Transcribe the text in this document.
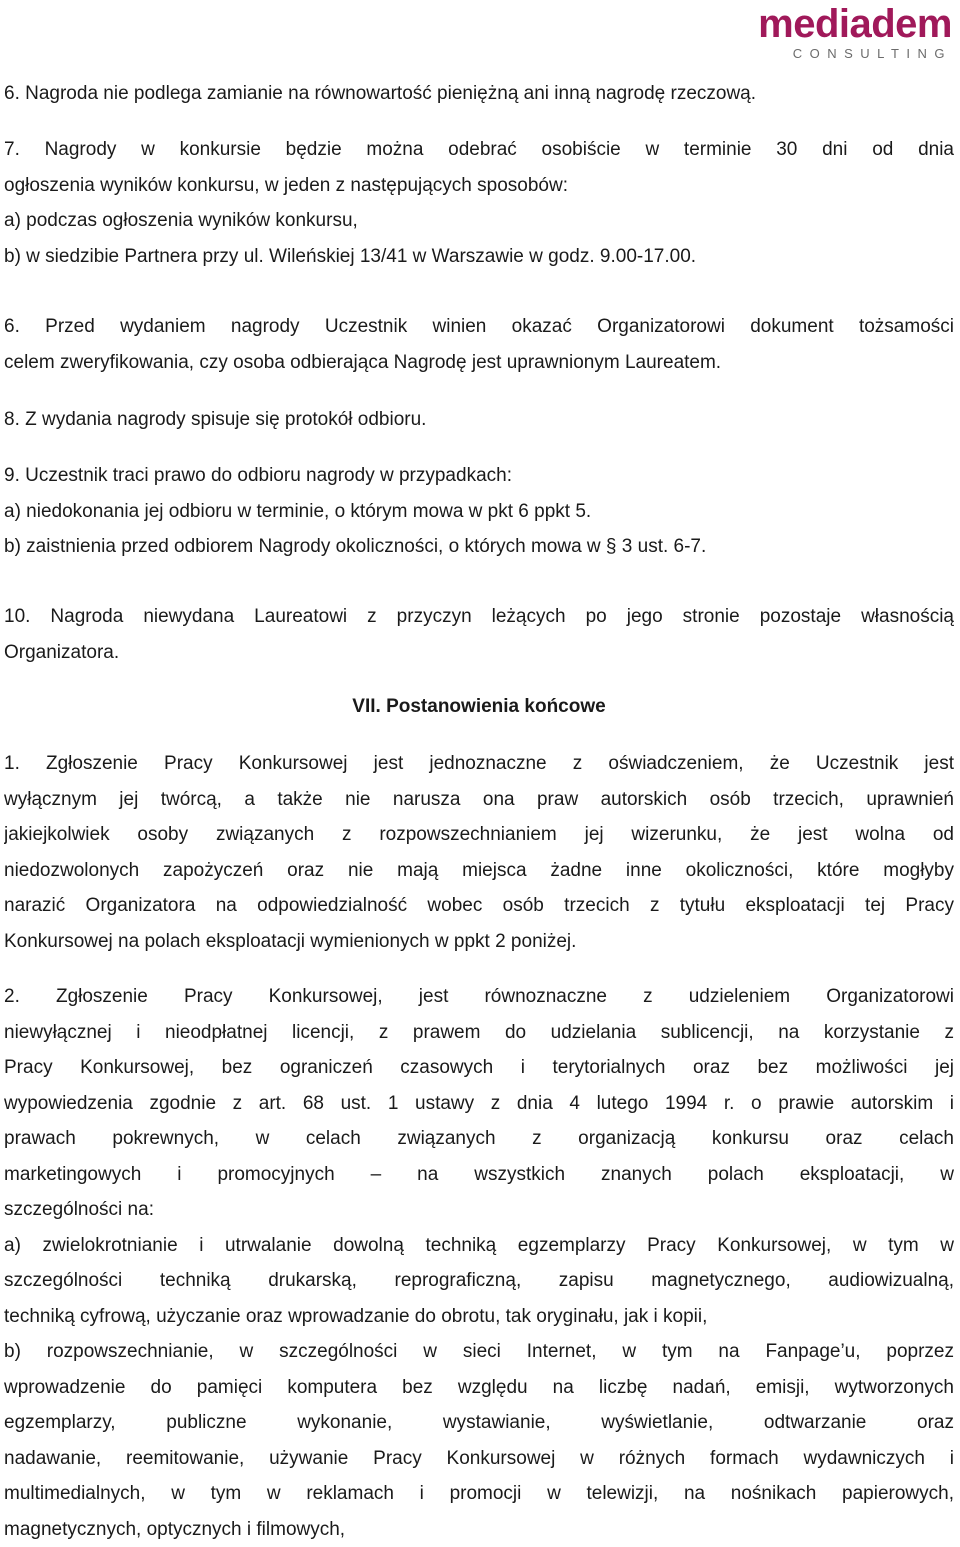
mediadem
CONSULTING
6. Nagroda nie podlega zamianie na równowartość pieniężną ani inną nagrodę rzeczową.
7. Nagrody w konkursie będzie można odebrać osobiście w terminie 30 dni od dnia
ogłoszenia wyników konkursu, w jeden z następujących sposobów:
a) podczas ogłoszenia wyników konkursu,
b) w siedzibie Partnera przy ul. Wileńskiej 13/41 w Warszawie w godz. 9.00-17.00.
6. Przed wydaniem nagrody Uczestnik winien okazać Organizatorowi dokument tożsamości
celem zweryfikowania, czy osoba odbierająca Nagrodę jest uprawnionym Laureatem.
8. Z wydania nagrody spisuje się protokół odbioru.
9. Uczestnik traci prawo do odbioru nagrody w przypadkach:
a) niedokonania jej odbioru w terminie, o którym mowa w pkt 6 ppkt 5.
b) zaistnienia przed odbiorem Nagrody okoliczności, o których mowa w § 3 ust. 6-7.
10. Nagroda niewydana Laureatowi z przyczyn leżących po jego stronie pozostaje własnością
Organizatora.
VII. Postanowienia końcowe
1. Zgłoszenie Pracy Konkursowej jest jednoznaczne z oświadczeniem, że Uczestnik jest
wyłącznym jej twórcą, a także nie narusza ona praw autorskich osób trzecich, uprawnień
jakiejkolwiek osoby związanych z rozpowszechnianiem jej wizerunku, że jest wolna od
niedozwolonych zapożyczeń oraz nie mają miejsca żadne inne okoliczności, które mogłyby
narazić Organizatora na odpowiedzialność wobec osób trzecich z tytułu eksploatacji tej Pracy
Konkursowej na polach eksploatacji wymienionych w ppkt 2 poniżej.
2. Zgłoszenie Pracy Konkursowej, jest równoznaczne z udzieleniem Organizatorowi
niewyłącznej i nieodpłatnej licencji, z prawem do udzielania sublicencji, na korzystanie z
Pracy Konkursowej, bez ograniczeń czasowych i terytorialnych oraz bez możliwości jej
wypowiedzenia zgodnie z art. 68 ust. 1 ustawy z dnia 4 lutego 1994 r. o prawie autorskim i
prawach pokrewnych, w celach związanych z organizacją konkursu oraz celach
marketingowych i promocyjnych – na wszystkich znanych polach eksploatacji, w
szczególności na:
a) zwielokrotnianie i utrwalanie dowolną techniką egzemplarzy Pracy Konkursowej, w tym w
szczególności techniką drukarską, reprograficzną, zapisu magnetycznego, audiowizualną,
techniką cyfrową, użyczanie oraz wprowadzanie do obrotu, tak oryginału, jak i kopii,
b) rozpowszechnianie, w szczególności w sieci Internet, w tym na Fanpage’u, poprzez
wprowadzenie do pamięci komputera bez względu na liczbę nadań, emisji, wytworzonych
egzemplarzy, publiczne wykonanie, wystawianie, wyświetlanie, odtwarzanie oraz
nadawanie, reemitowanie, używanie Pracy Konkursowej w różnych formach wydawniczych i
multimedialnych, w tym w reklamach i promocji w telewizji, na nośnikach papierowych,
magnetycznych, optycznych i filmowych,
